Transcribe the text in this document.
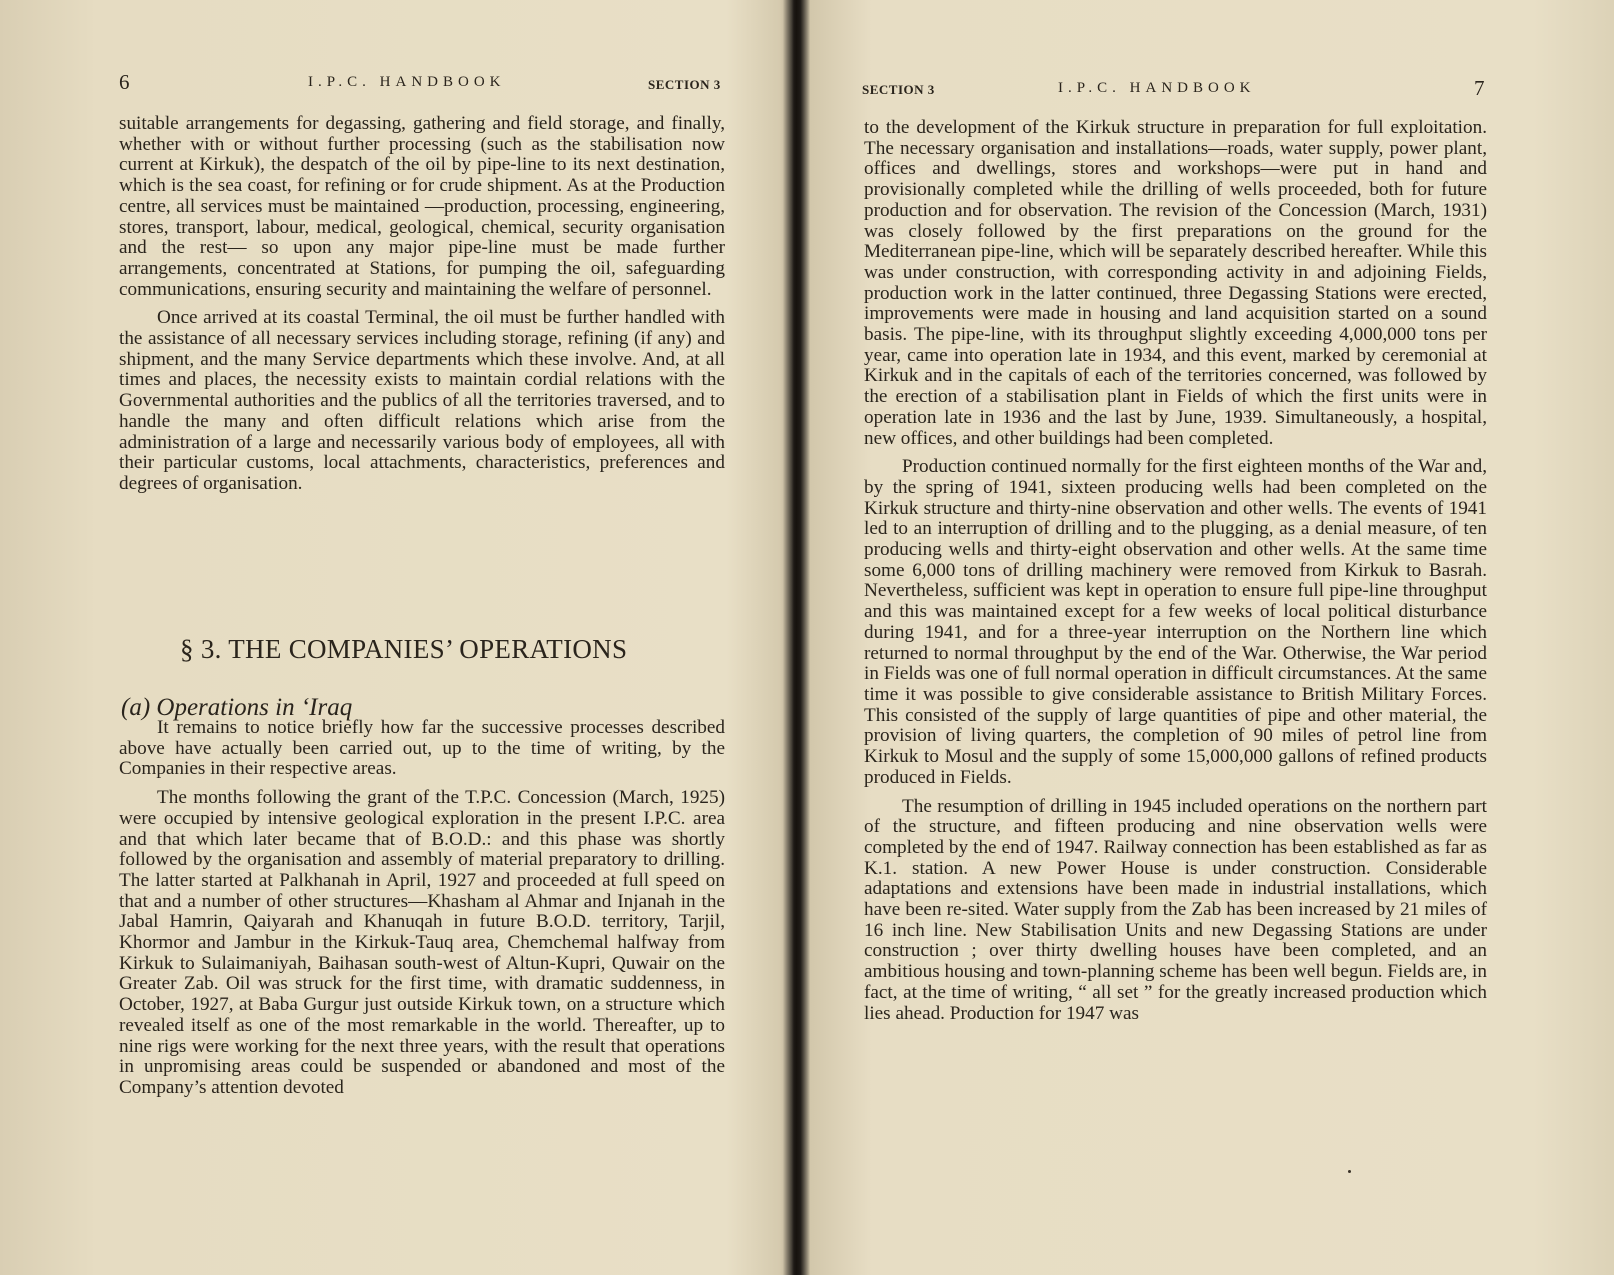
6	I.P.C. HANDBOOK	SECTION 3

suitable arrangements for degassing, gathering and field storage, and finally, whether with or without further processing (such as the stabilisation now current at Kirkuk), the despatch of the oil by pipe-line to its next destination, which is the sea coast, for refining or for crude shipment. As at the Production centre, all services must be maintained —production, processing, engineering, stores, transport, labour, medical, geological, chemical, security organisation and the rest— so upon any major pipe-line must be made further arrangements, concentrated at Stations, for pumping the oil, safeguarding communications, ensuring security and maintaining the welfare of personnel.

Once arrived at its coastal Terminal, the oil must be further handled with the assistance of all necessary services including storage, refining (if any) and shipment, and the many Service departments which these involve. And, at all times and places, the necessity exists to maintain cordial relations with the Governmental authorities and the publics of all the territories traversed, and to handle the many and often difficult relations which arise from the administration of a large and necessarily various body of employees, all with their particular customs, local attachments, characteristics, preferences and degrees of organisation.

§ 3. THE COMPANIES’ OPERATIONS
(a) Operations in ‘Iraq

It remains to notice briefly how far the successive processes described above have actually been carried out, up to the time of writing, by the Companies in their respective areas.

The months following the grant of the T.P.C. Concession (March, 1925) were occupied by intensive geological exploration in the present I.P.C. area and that which later became that of B.O.D.: and this phase was shortly followed by the organisation and assembly of material preparatory to drilling. The latter started at Palkhanah in April, 1927 and proceeded at full speed on that and a number of other structures—Khasham al Ahmar and Injanah in the Jabal Hamrin, Qaiyarah and Khanuqah in future B.O.D. territory, Tarjil, Khormor and Jambur in the Kirkuk-Tauq area, Chemchemal halfway from Kirkuk to Sulaimaniyah, Baihasan south-west of Altun-Kupri, Quwair on the Greater Zab. Oil was struck for the first time, with dramatic suddenness, in October, 1927, at Baba Gurgur just outside Kirkuk town, on a structure which revealed itself as one of the most remarkable in the world. Thereafter, up to nine rigs were working for the next three years, with the result that operations in unpromising areas could be suspended or abandoned and most of the Company’s attention devoted

SECTION 3	I.P.C. HANDBOOK	7

to the development of the Kirkuk structure in preparation for full exploitation. The necessary organisation and installations—roads, water supply, power plant, offices and dwellings, stores and workshops—were put in hand and provisionally completed while the drilling of wells proceeded, both for future production and for observation. The revision of the Concession (March, 1931) was closely followed by the first preparations on the ground for the Mediterranean pipe-line, which will be separately described hereafter. While this was under construction, with corresponding activity in and adjoining Fields, production work in the latter continued, three Degassing Stations were erected, improvements were made in housing and land acquisition started on a sound basis. The pipe-line, with its throughput slightly exceeding 4,000,000 tons per year, came into operation late in 1934, and this event, marked by ceremonial at Kirkuk and in the capitals of each of the territories concerned, was followed by the erection of a stabilisation plant in Fields of which the first units were in operation late in 1936 and the last by June, 1939. Simultaneously, a hospital, new offices, and other buildings had been completed.

Production continued normally for the first eighteen months of the War and, by the spring of 1941, sixteen producing wells had been completed on the Kirkuk structure and thirty-nine observation and other wells. The events of 1941 led to an interruption of drilling and to the plugging, as a denial measure, of ten producing wells and thirty-eight observation and other wells. At the same time some 6,000 tons of drilling machinery were removed from Kirkuk to Basrah. Nevertheless, sufficient was kept in operation to ensure full pipe-line throughput and this was maintained except for a few weeks of local political disturbance during 1941, and for a three-year interruption on the Northern line which returned to normal throughput by the end of the War. Otherwise, the War period in Fields was one of full normal operation in difficult circumstances. At the same time it was possible to give considerable assistance to British Military Forces. This consisted of the supply of large quantities of pipe and other material, the provision of living quarters, the completion of 90 miles of petrol line from Kirkuk to Mosul and the supply of some 15,000,000 gallons of refined products produced in Fields.

The resumption of drilling in 1945 included operations on the northern part of the structure, and fifteen producing and nine observation wells were completed by the end of 1947. Railway connection has been established as far as K.1. station. A new Power House is under construction. Considerable adaptations and extensions have been made in industrial installations, which have been re-sited. Water supply from the Zab has been increased by 21 miles of 16 inch line. New Stabilisation Units and new Degassing Stations are under construction ; over thirty dwelling houses have been completed, and an ambitious housing and town-planning scheme has been well begun. Fields are, in fact, at the time of writing, “ all set ” for the greatly increased production which lies ahead. Production for 1947 was
